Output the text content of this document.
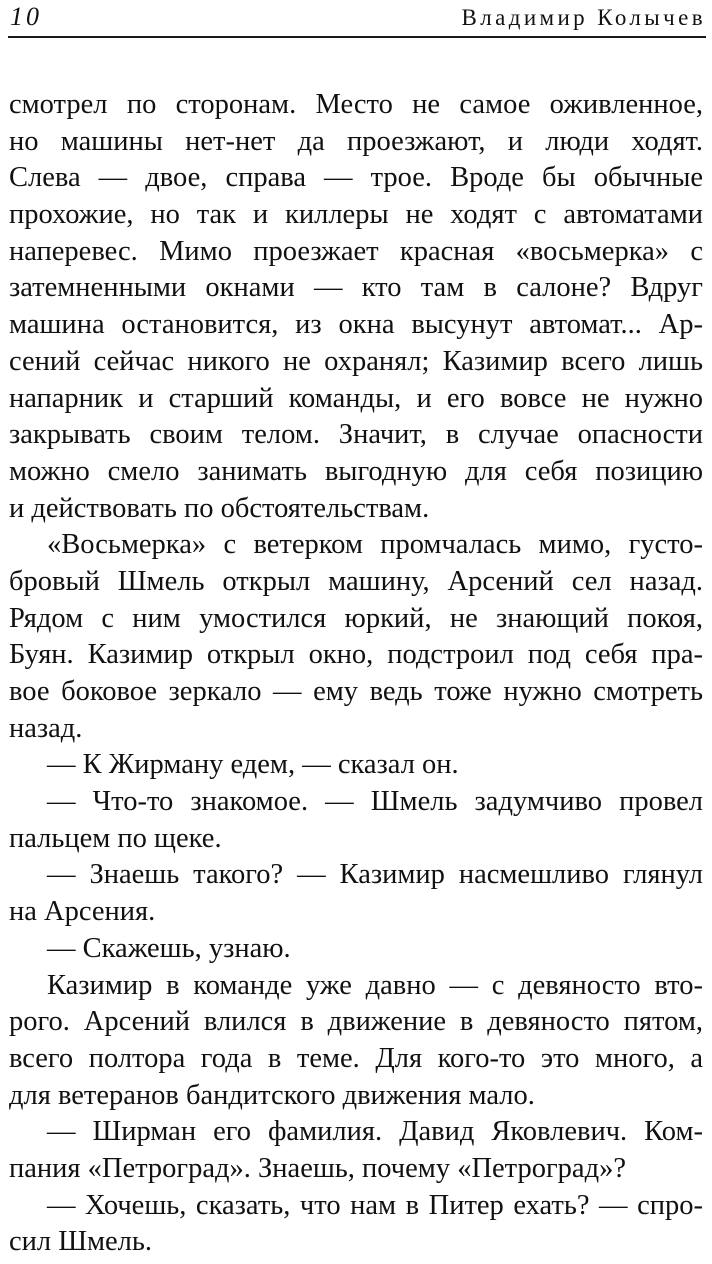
10	Владимир Колычев
смотрел по сторонам. Место не самое оживленное,
но машины нет-нет да проезжают, и люди ходят.
Слева — двое, справа — трое. Вроде бы обычные
прохожие, но так и киллеры не ходят с автоматами
наперевес. Мимо проезжает красная «восьмерка» с
затемненными окнами — кто там в салоне? Вдруг
машина остановится, из окна высунут автомат... Ар-
сений сейчас никого не охранял; Казимир всего лишь
напарник и старший команды, и его вовсе не нужно
закрывать своим телом. Значит, в случае опасности
можно смело занимать выгодную для себя позицию
и действовать по обстоятельствам.
«Восьмерка» с ветерком промчалась мимо, густо-
бровый Шмель открыл машину, Арсений сел назад.
Рядом с ним умостился юркий, не знающий покоя,
Буян. Казимир открыл окно, подстроил под себя пра-
вое боковое зеркало — ему ведь тоже нужно смотреть
назад.
— К Жирману едем, — сказал он.
— Что-то знакомое. — Шмель задумчиво провел
пальцем по щеке.
— Знаешь такого? — Казимир насмешливо глянул
на Арсения.
— Скажешь, узнаю.
Казимир в команде уже давно — с девяносто вто-
рого. Арсений влился в движение в девяносто пятом,
всего полтора года в теме. Для кого-то это много, а
для ветеранов бандитского движения мало.
— Ширман его фамилия. Давид Яковлевич. Ком-
пания «Петроград». Знаешь, почему «Петроград»?
— Хочешь, сказать, что нам в Питер ехать? — спро-
сил Шмель.
